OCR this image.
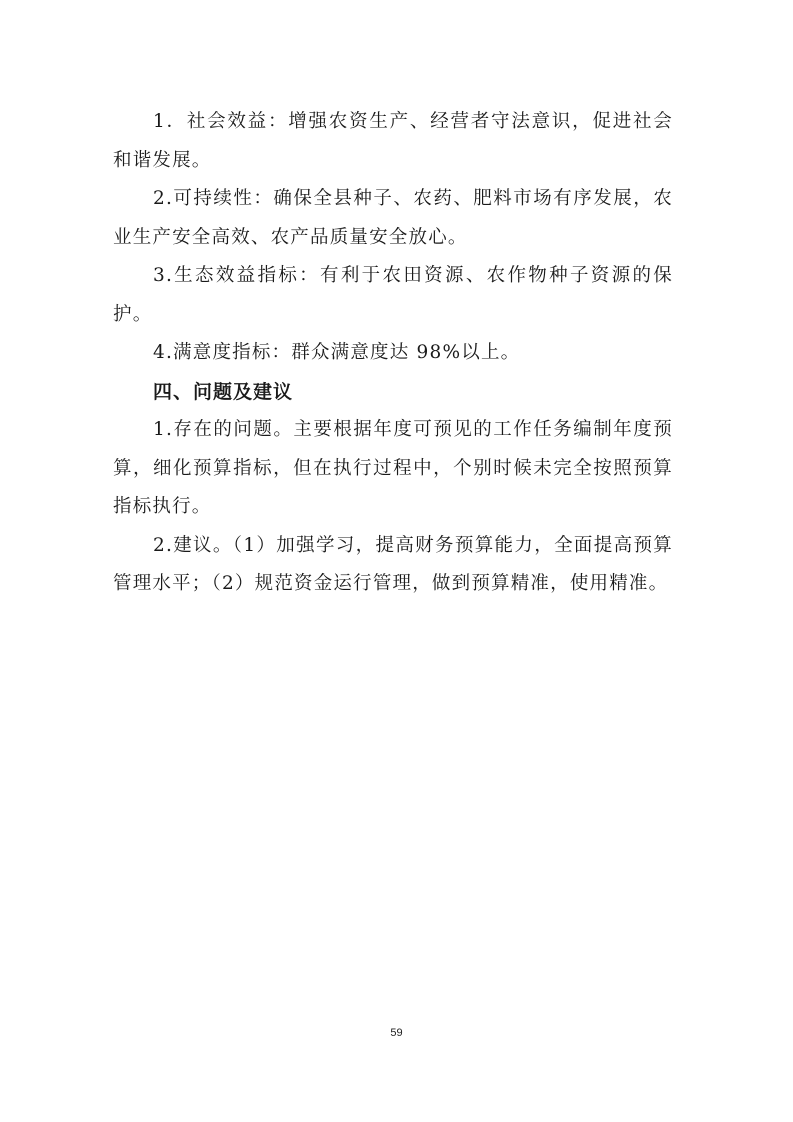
1．社会效益：增强农资生产、经营者守法意识，促进社会和谐发展。

2.可持续性：确保全县种子、农药、肥料市场有序发展，农业生产安全高效、农产品质量安全放心。

3.生态效益指标：有利于农田资源、农作物种子资源的保护。

4.满意度指标：群众满意度达 98%以上。

四、问题及建议

1.存在的问题。主要根据年度可预见的工作任务编制年度预算，细化预算指标，但在执行过程中，个别时候未完全按照预算指标执行。

2.建议。（1）加强学习，提高财务预算能力，全面提高预算管理水平；（2）规范资金运行管理，做到预算精准，使用精准。

59
